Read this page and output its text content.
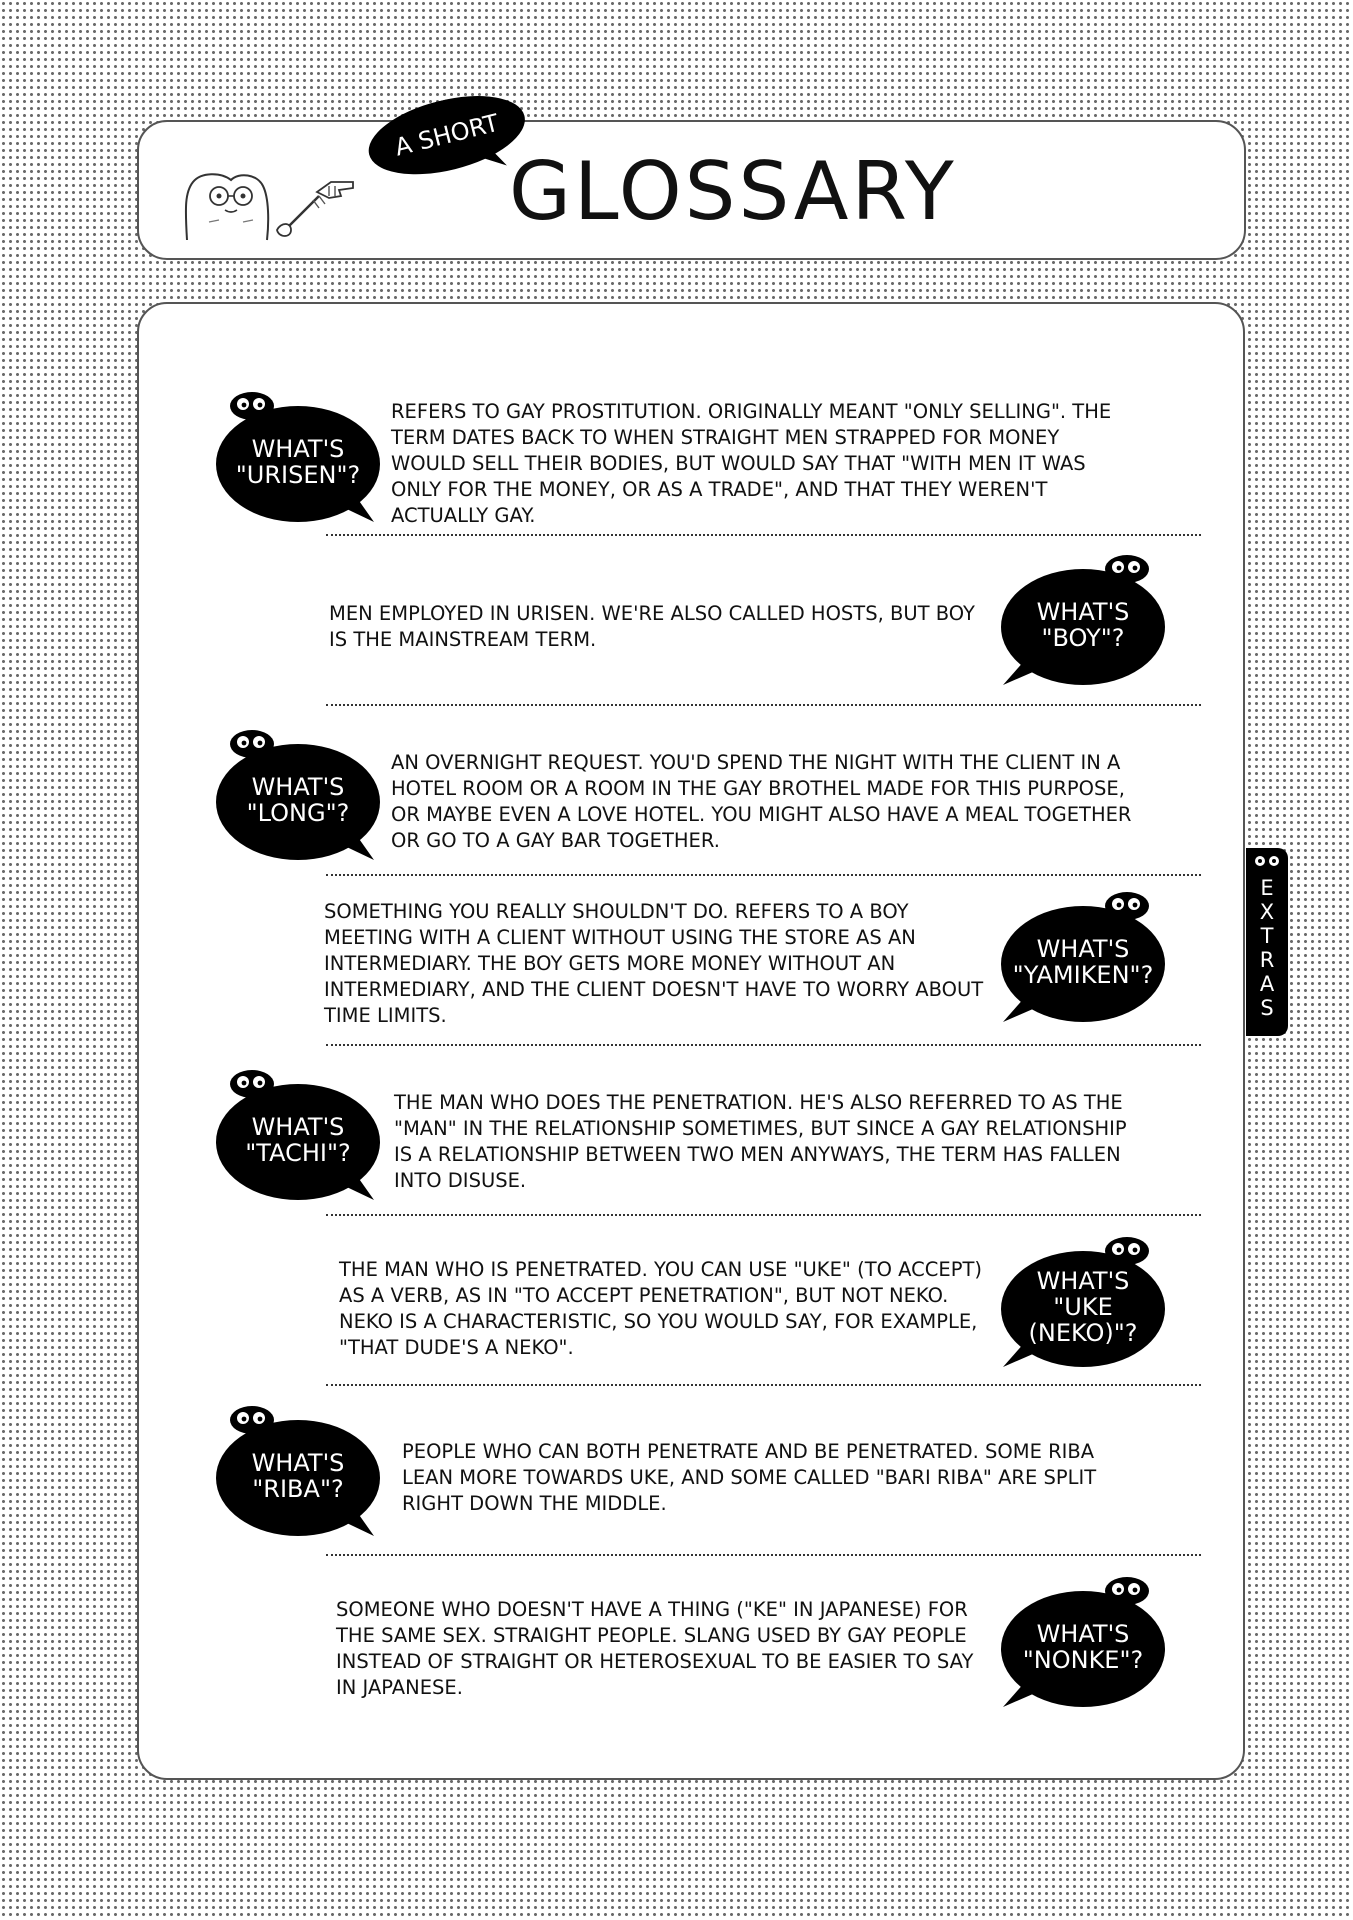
A SHORT
GLOSSARY
WHAT'S
"URISEN"?

REFERS TO GAY PROSTITUTION. ORIGINALLY MEANT "ONLY SELLING". THE TERM DATES BACK TO WHEN STRAIGHT MEN STRAPPED FOR MONEY WOULD SELL THEIR BODIES, BUT WOULD SAY THAT "WITH MEN IT WAS ONLY FOR THE MONEY, OR AS A TRADE", AND THAT THEY WEREN'T ACTUALLY GAY.

WHAT'S
"BOY"?

MEN EMPLOYED IN URISEN. WE'RE ALSO CALLED HOSTS, BUT BOY IS THE MAINSTREAM TERM.

WHAT'S
"LONG"?

AN OVERNIGHT REQUEST. YOU'D SPEND THE NIGHT WITH THE CLIENT IN A HOTEL ROOM OR A ROOM IN THE GAY BROTHEL MADE FOR THIS PURPOSE, OR MAYBE EVEN A LOVE HOTEL. YOU MIGHT ALSO HAVE A MEAL TOGETHER OR GO TO A GAY BAR TOGETHER.

WHAT'S
"YAMIKEN"?

SOMETHING YOU REALLY SHOULDN'T DO. REFERS TO A BOY MEETING WITH A CLIENT WITHOUT USING THE STORE AS AN INTERMEDIARY. THE BOY GETS MORE MONEY WITHOUT AN INTERMEDIARY, AND THE CLIENT DOESN'T HAVE TO WORRY ABOUT TIME LIMITS.

WHAT'S
"TACHI"?

THE MAN WHO DOES THE PENETRATION. HE'S ALSO REFERRED TO AS THE "MAN" IN THE RELATIONSHIP SOMETIMES, BUT SINCE A GAY RELATIONSHIP IS A RELATIONSHIP BETWEEN TWO MEN ANYWAYS, THE TERM HAS FALLEN INTO DISUSE.

WHAT'S
"UKE
(NEKO)"?

THE MAN WHO IS PENETRATED. YOU CAN USE "UKE" (TO ACCEPT) AS A VERB, AS IN "TO ACCEPT PENETRATION", BUT NOT NEKO. NEKO IS A CHARACTERISTIC, SO YOU WOULD SAY, FOR EXAMPLE, "THAT DUDE'S A NEKO".

WHAT'S
"RIBA"?

PEOPLE WHO CAN BOTH PENETRATE AND BE PENETRATED. SOME RIBA LEAN MORE TOWARDS UKE, AND SOME CALLED "BARI RIBA" ARE SPLIT RIGHT DOWN THE MIDDLE.

WHAT'S
"NONKE"?

SOMEONE WHO DOESN'T HAVE A THING ("KE" IN JAPANESE) FOR THE SAME SEX. STRAIGHT PEOPLE. SLANG USED BY GAY PEOPLE INSTEAD OF STRAIGHT OR HETEROSEXUAL TO BE EASIER TO SAY IN JAPANESE.

E
X
T
R
A
S
